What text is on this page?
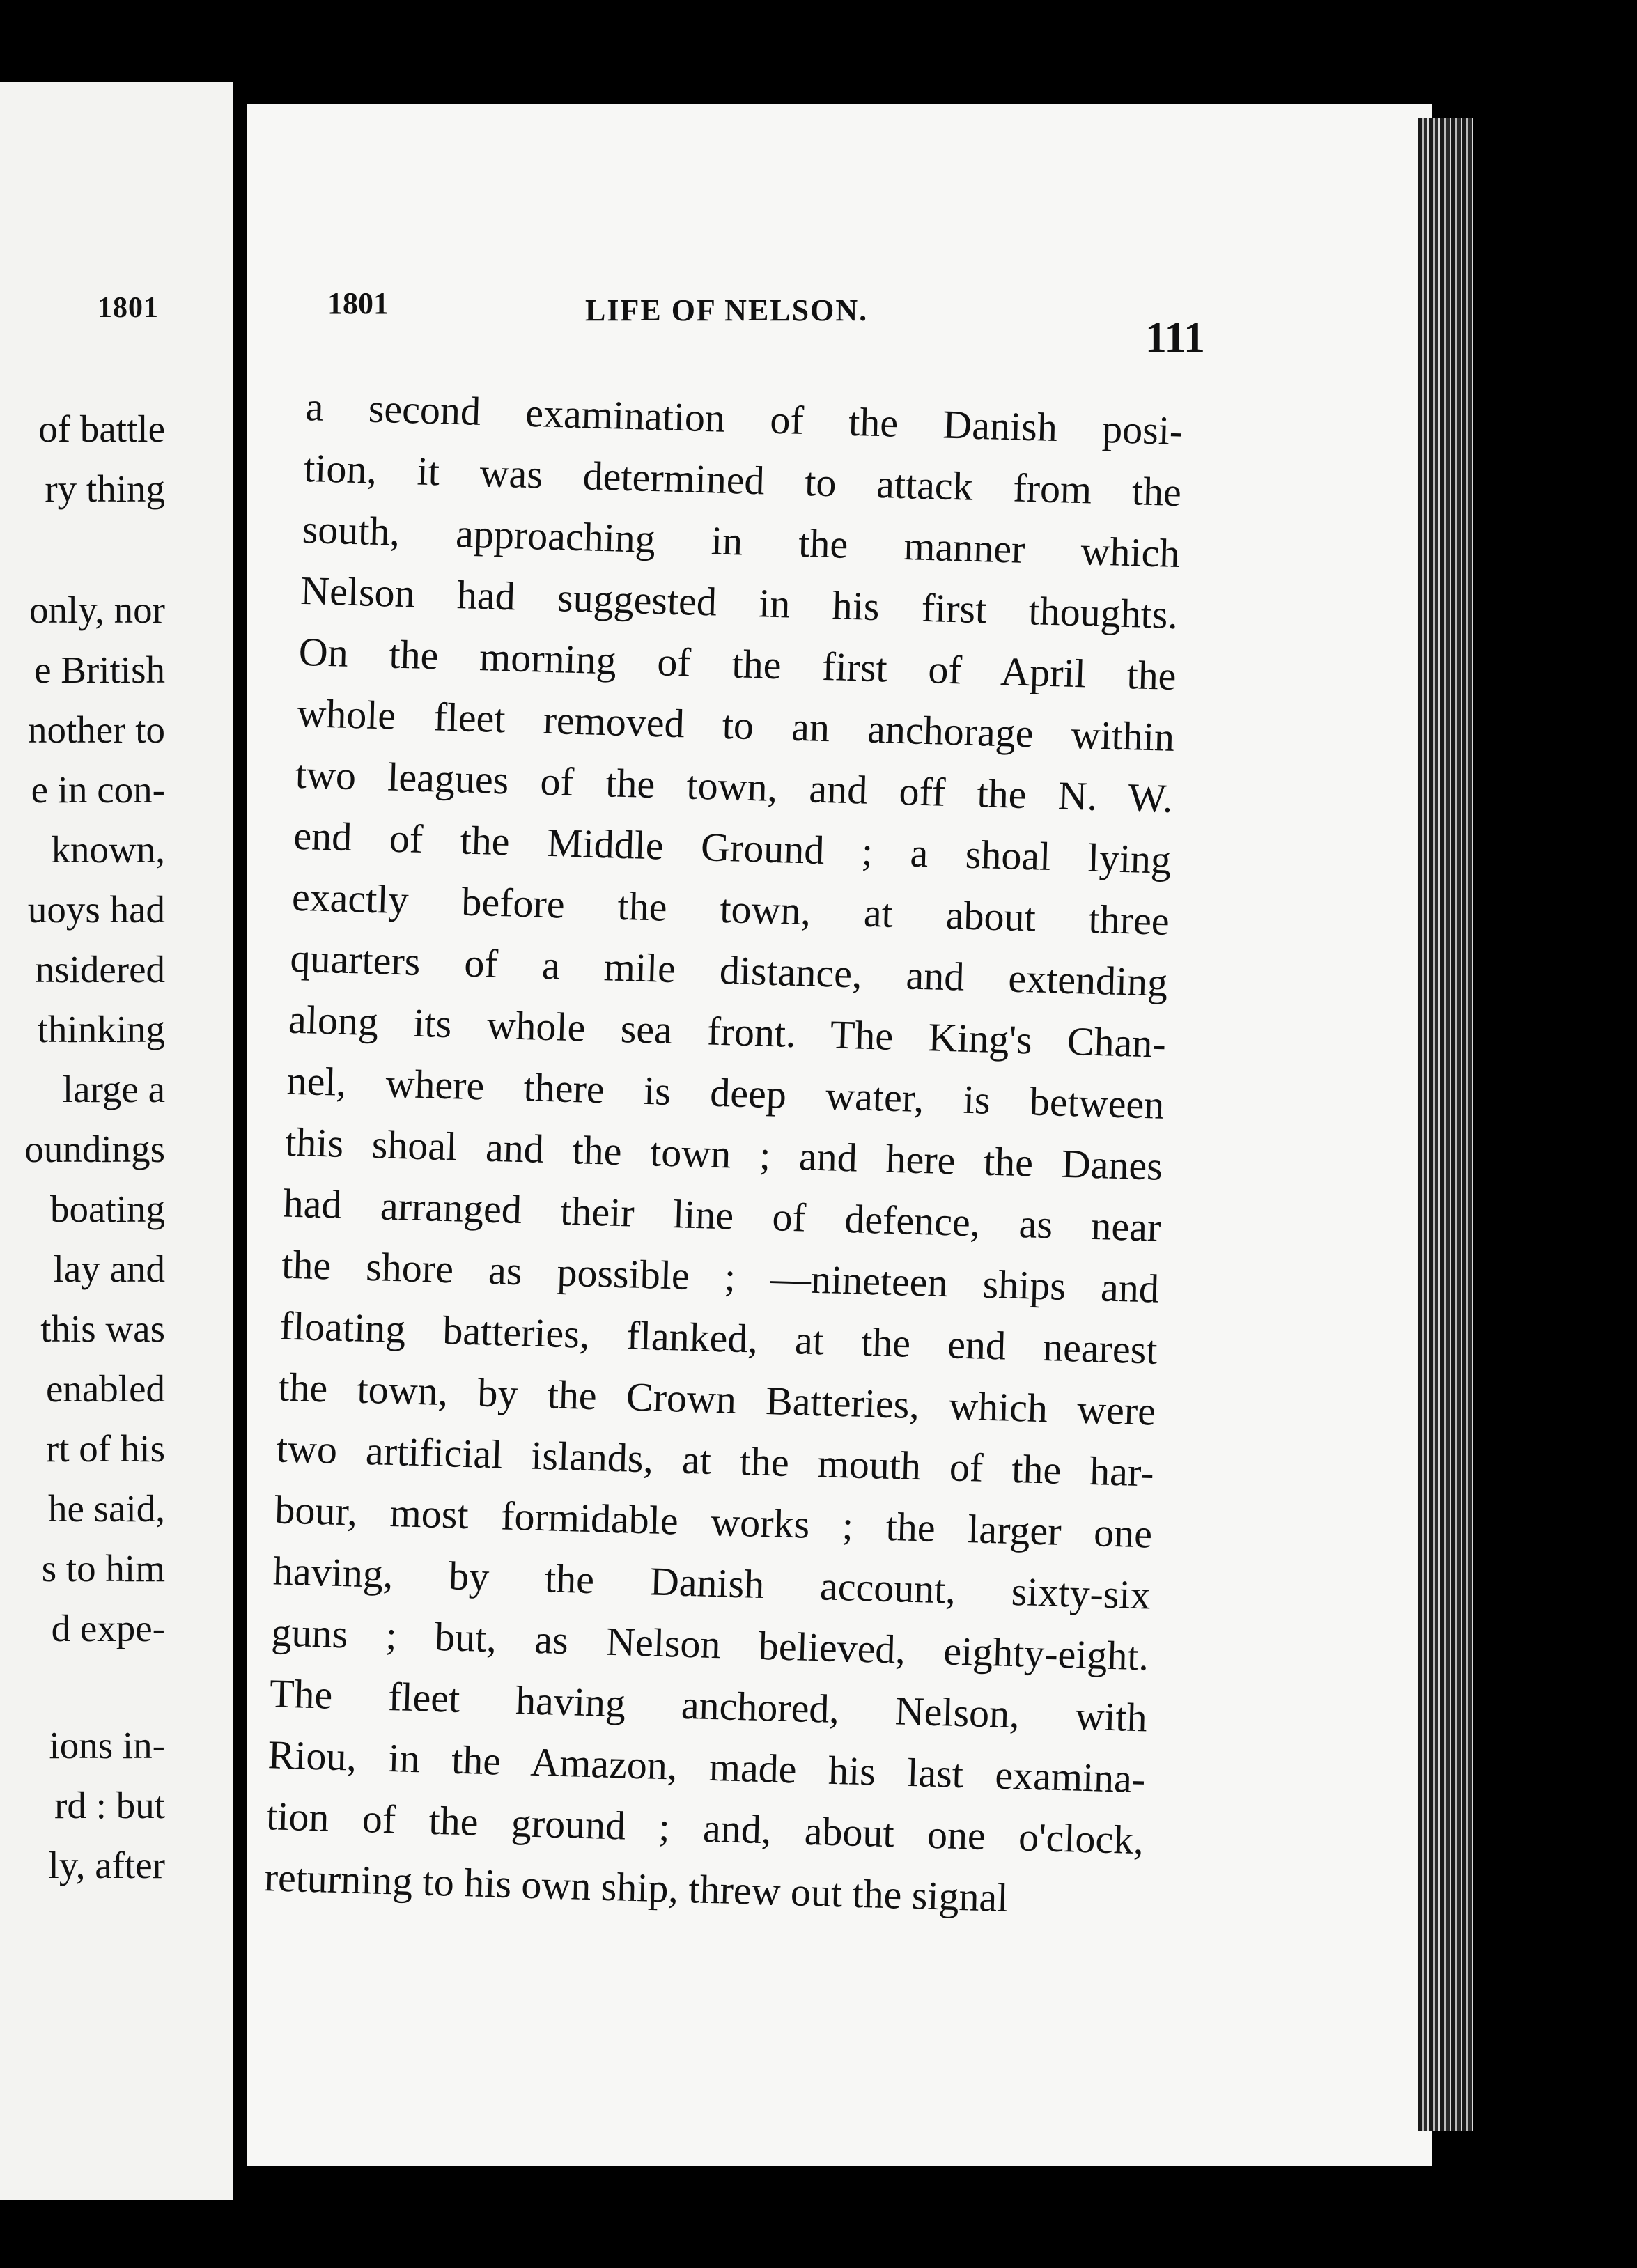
1801
of battle
ry thing
only, nor
e British
nother to
e in con-
known,
uoys had
nsidered
thinking
large a
oundings
boating
lay and
this was
enabled
rt of his
he said,
s to him
d expe-
ions in-
rd : but
ly, after
1801	LIFE OF NELSON.
111
a second examination of the Danish posi-
tion, it was determined to attack from the
south, approaching in the manner which
Nelson had suggested in his first thoughts.
On the morning of the first of April the
whole fleet removed to an anchorage within
two leagues of the town, and off the N. W.
end of the Middle Ground ; a shoal lying
exactly before the town, at about three
quarters of a mile distance, and extending
along its whole sea front. The King's Chan-
nel, where there is deep water, is between
this shoal and the town ; and here the Danes
had arranged their line of defence, as near
the shore as possible ; —nineteen ships and
floating batteries, flanked, at the end nearest
the town, by the Crown Batteries, which were
two artificial islands, at the mouth of the har-
bour, most formidable works ; the larger one
having, by the Danish account, sixty-six
guns ; but, as Nelson believed, eighty-eight.
The fleet having anchored, Nelson, with
Riou, in the Amazon, made his last examina-
tion of the ground ; and, about one o'clock,
returning to his own ship, threw out the signal
